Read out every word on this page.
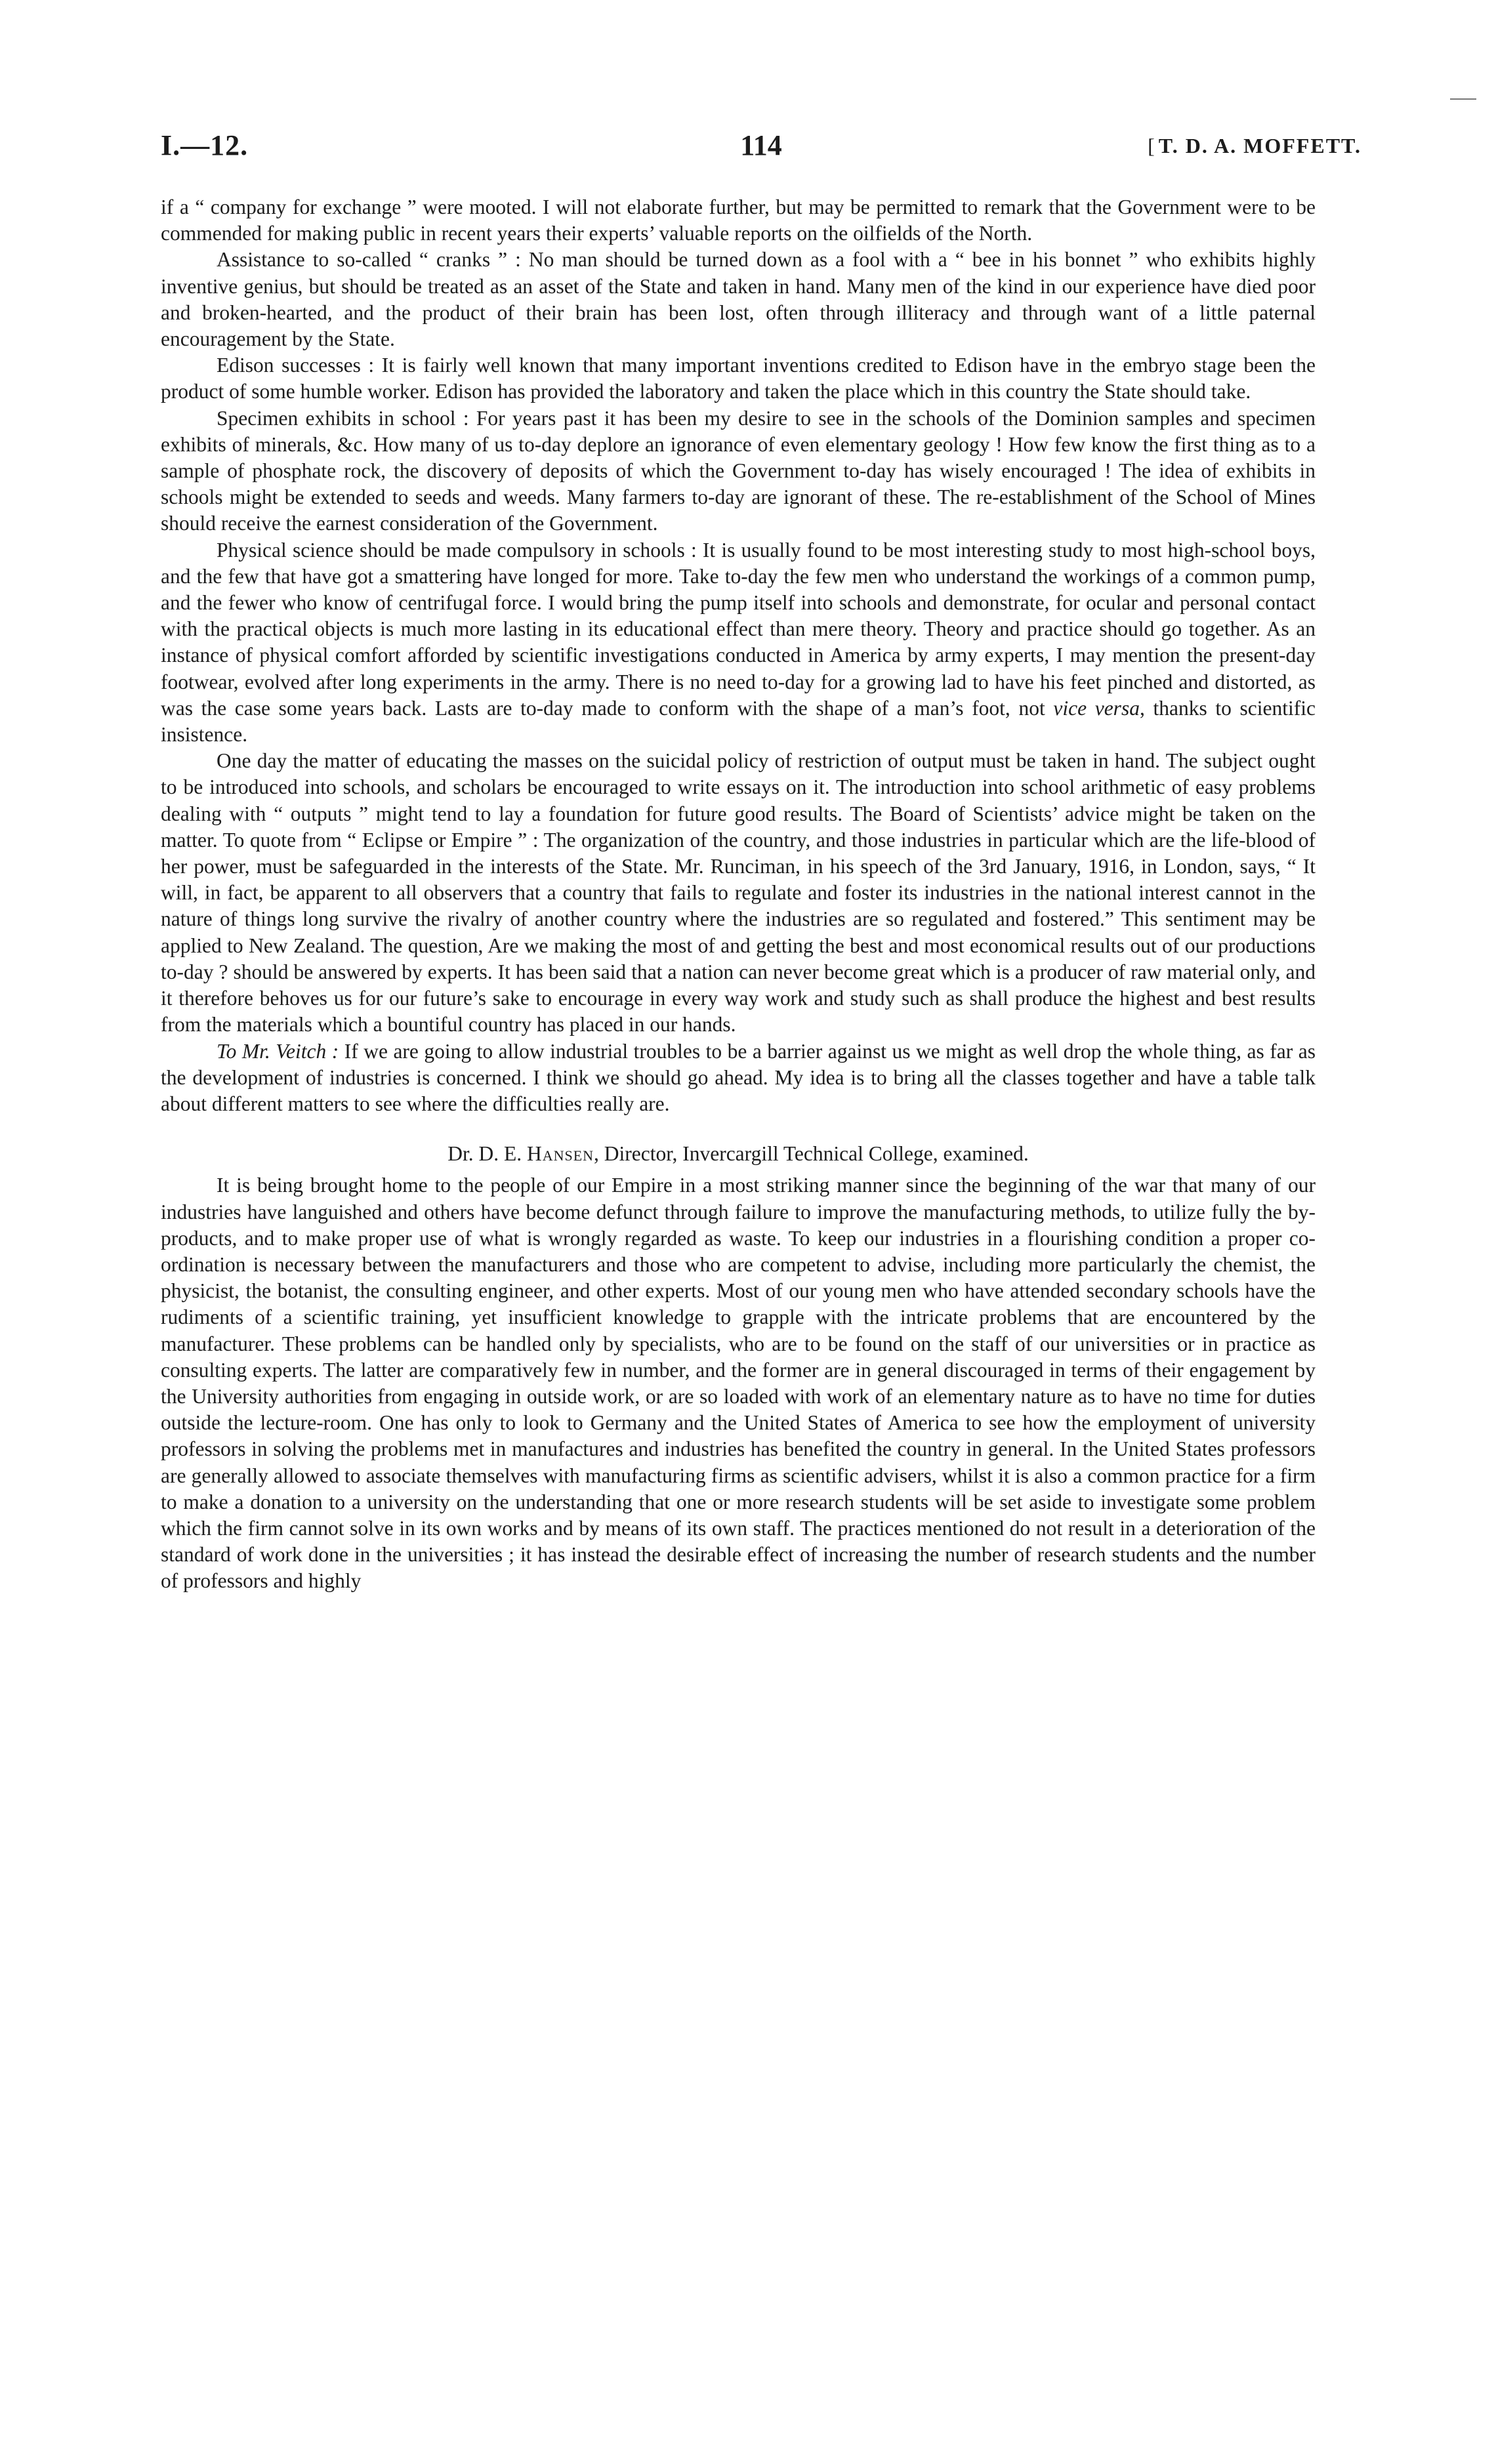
I.—12.	114	[ T. D. A. MOFFETT.

if a “ company for exchange ” were mooted. I will not elaborate further, but may be permitted to remark that the Government were to be commended for making public in recent years their experts’ valuable reports on the oilfields of the North.

Assistance to so-called “ cranks ” : No man should be turned down as a fool with a “ bee in his bonnet ” who exhibits highly inventive genius, but should be treated as an asset of the State and taken in hand. Many men of the kind in our experience have died poor and broken-hearted, and the product of their brain has been lost, often through illiteracy and through want of a little paternal encouragement by the State.

Edison successes : It is fairly well known that many important inventions credited to Edison have in the embryo stage been the product of some humble worker. Edison has provided the laboratory and taken the place which in this country the State should take.

Specimen exhibits in school : For years past it has been my desire to see in the schools of the Dominion samples and specimen exhibits of minerals, &c. How many of us to-day deplore an ignorance of even elementary geology ! How few know the first thing as to a sample of phosphate rock, the discovery of deposits of which the Government to-day has wisely encouraged ! The idea of exhibits in schools might be extended to seeds and weeds. Many farmers to-day are ignorant of these. The re-establishment of the School of Mines should receive the earnest consideration of the Government.

Physical science should be made compulsory in schools : It is usually found to be most interesting study to most high-school boys, and the few that have got a smattering have longed for more. Take to-day the few men who understand the workings of a common pump, and the fewer who know of centrifugal force. I would bring the pump itself into schools and demonstrate, for ocular and personal contact with the practical objects is much more lasting in its educational effect than mere theory. Theory and practice should go together. As an instance of physical comfort afforded by scientific investigations conducted in America by army experts, I may mention the present-day footwear, evolved after long experiments in the army. There is no need to-day for a growing lad to have his feet pinched and distorted, as was the case some years back. Lasts are to-day made to conform with the shape of a man’s foot, not vice versa, thanks to scientific insistence.

One day the matter of educating the masses on the suicidal policy of restriction of output must be taken in hand. The subject ought to be introduced into schools, and scholars be encouraged to write essays on it. The introduction into school arithmetic of easy problems dealing with “ outputs ” might tend to lay a foundation for future good results. The Board of Scientists’ advice might be taken on the matter. To quote from “ Eclipse or Empire ” : The organization of the country, and those industries in particular which are the life-blood of her power, must be safeguarded in the interests of the State. Mr. Runciman, in his speech of the 3rd January, 1916, in London, says, “ It will, in fact, be apparent to all observers that a country that fails to regulate and foster its industries in the national interest cannot in the nature of things long survive the rivalry of another country where the industries are so regulated and fostered.” This sentiment may be applied to New Zealand. The question, Are we making the most of and getting the best and most economical results out of our productions to-day ? should be answered by experts. It has been said that a nation can never become great which is a producer of raw material only, and it therefore behoves us for our future’s sake to encourage in every way work and study such as shall produce the highest and best results from the materials which a bountiful country has placed in our hands.

To Mr. Veitch : If we are going to allow industrial troubles to be a barrier against us we might as well drop the whole thing, as far as the development of industries is concerned. I think we should go ahead. My idea is to bring all the classes together and have a table talk about different matters to see where the difficulties really are.

Dr. D. E. Hansen, Director, Invercargill Technical College, examined.

It is being brought home to the people of our Empire in a most striking manner since the beginning of the war that many of our industries have languished and others have become defunct through failure to improve the manufacturing methods, to utilize fully the by-products, and to make proper use of what is wrongly regarded as waste. To keep our industries in a flourishing condition a proper co-ordination is necessary between the manufacturers and those who are competent to advise, including more particularly the chemist, the physicist, the botanist, the consulting engineer, and other experts. Most of our young men who have attended secondary schools have the rudiments of a scientific training, yet insufficient knowledge to grapple with the intricate problems that are encountered by the manufacturer. These problems can be handled only by specialists, who are to be found on the staff of our universities or in practice as consulting experts. The latter are comparatively few in number, and the former are in general discouraged in terms of their engagement by the University authorities from engaging in outside work, or are so loaded with work of an elementary nature as to have no time for duties outside the lecture-room. One has only to look to Germany and the United States of America to see how the employment of university professors in solving the problems met in manufactures and industries has benefited the country in general. In the United States professors are generally allowed to associate themselves with manufacturing firms as scientific advisers, whilst it is also a common practice for a firm to make a donation to a university on the understanding that one or more research students will be set aside to investigate some problem which the firm cannot solve in its own works and by means of its own staff. The practices mentioned do not result in a deterioration of the standard of work done in the universities ; it has instead the desirable effect of increasing the number of research students and the number of professors and highly
